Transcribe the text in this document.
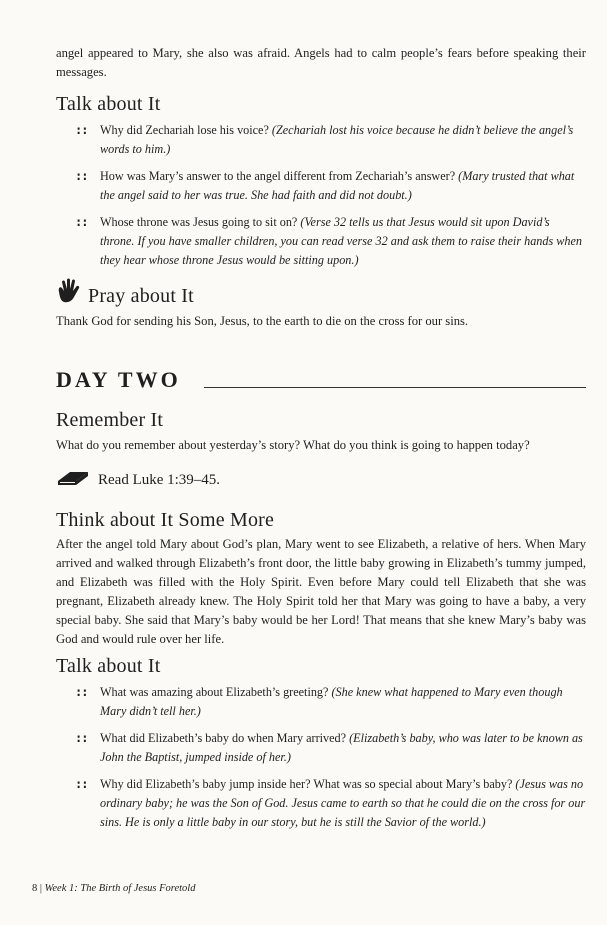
angel appeared to Mary, she also was afraid. Angels had to calm people’s fears before speaking their messages.

Talk about It
::	Why did Zechariah lose his voice? (Zechariah lost his voice because he didn’t believe the angel’s words to him.)
::	How was Mary’s answer to the angel different from Zechariah’s answer? (Mary trusted that what the angel said to her was true. She had faith and did not doubt.)
::	Whose throne was Jesus going to sit on? (Verse 32 tells us that Jesus would sit upon David’s throne. If you have smaller children, you can read verse 32 and ask them to raise their hands when they hear whose throne Jesus would be sitting upon.)
Pray about It

Thank God for sending his Son, Jesus, to the earth to die on the cross for our sins.

DAY TWO
Remember It

What do you remember about yesterday’s story? What do you think is going to happen today?

Read Luke 1:39–45.

Think about It Some More

After the angel told Mary about God’s plan, Mary went to see Elizabeth, a relative of hers. When Mary arrived and walked through Elizabeth’s front door, the little baby growing in Elizabeth’s tummy jumped, and Elizabeth was filled with the Holy Spirit. Even before Mary could tell Elizabeth that she was pregnant, Elizabeth already knew. The Holy Spirit told her that Mary was going to have a baby, a very special baby. She said that Mary’s baby would be her Lord! That means that she knew Mary’s baby was God and would rule over her life.

Talk about It
::	What was amazing about Elizabeth’s greeting? (She knew what happened to Mary even though Mary didn’t tell her.)
::	What did Elizabeth’s baby do when Mary arrived? (Elizabeth’s baby, who was later to be known as John the Baptist, jumped inside of her.)
::	Why did Elizabeth’s baby jump inside her? What was so special about Mary’s baby? (Jesus was no ordinary baby; he was the Son of God. Jesus came to earth so that he could die on the cross for our sins. He is only a little baby in our story, but he is still the Savior of the world.)

8 | Week 1: The Birth of Jesus Foretold
